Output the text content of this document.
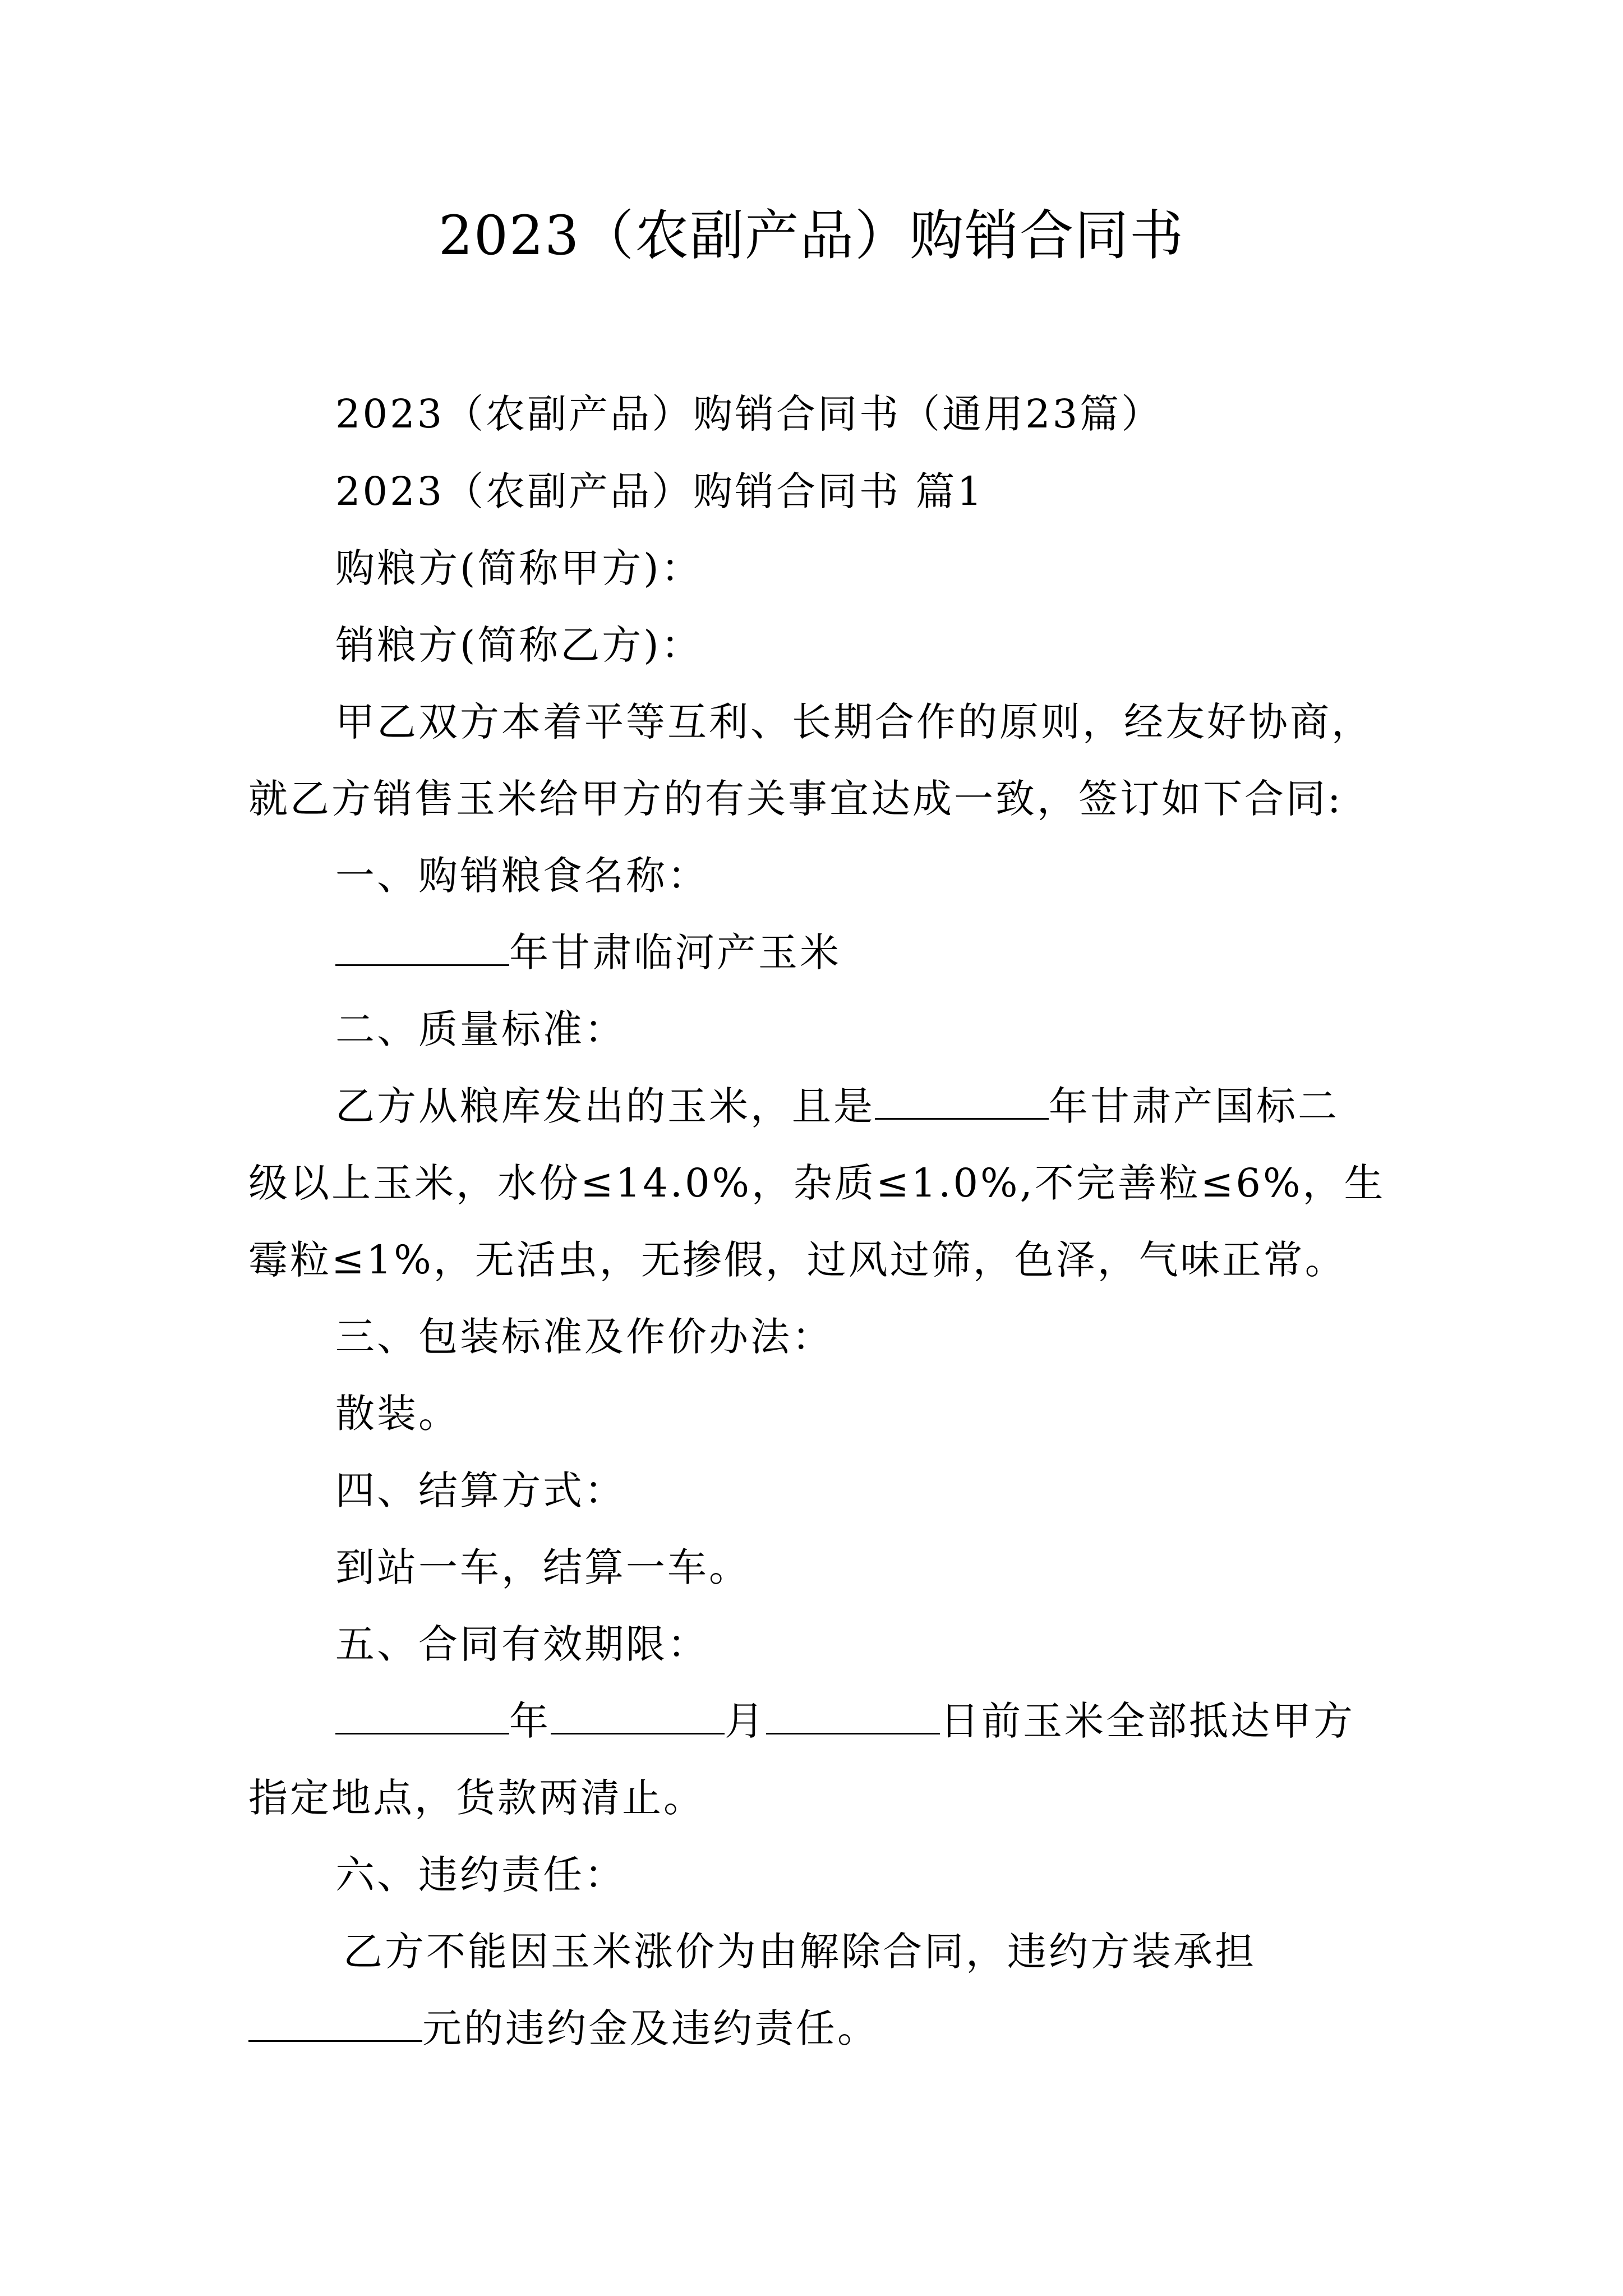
2023（农副产品）购销合同书
2023（农副产品）购销合同书（通用23篇）
2023（农副产品）购销合同书 篇1
购粮方(简称甲方)：
销粮方(简称乙方)：
甲乙双方本着平等互利、长期合作的原则，经友好协商，
就乙方销售玉米给甲方的有关事宜达成一致，签订如下合同:
一、购销粮食名称：
年甘肃临河产玉米
二、质量标准：
乙方从粮库发出的玉米，且是	年甘肃产国标二
级以上玉米，水份≤14.0%，杂质≤1.0%,不完善粒≤6%，生
霉粒≤1%，无活虫，无掺假，过风过筛，色泽，气味正常。
三、包装标准及作价办法：
散装。
四、结算方式：
到站一车，结算一车。
五、合同有效期限：
年	月	日前玉米全部抵达甲方
指定地点，货款两清止。
六、违约责任：
乙方不能因玉米涨价为由解除合同，违约方装承担
元的违约金及违约责任。
